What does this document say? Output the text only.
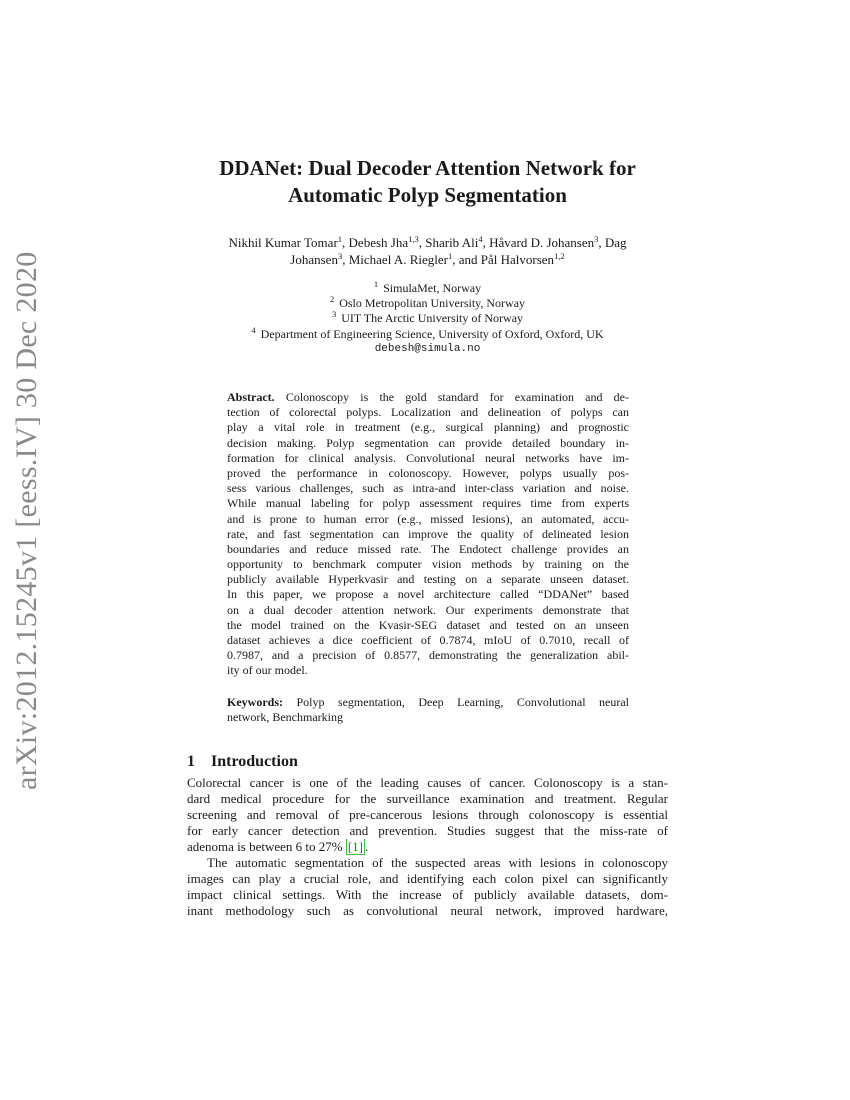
arXiv:2012.15245v1 [eess.IV] 30 Dec 2020
DDANet: Dual Decoder Attention Network for
Automatic Polyp Segmentation
Nikhil Kumar Tomar$^1$, Debesh Jha$^{1,3}$, Sharib Ali$^4$, Håvard D. Johansen$^3$, Dag
Johansen$^3$, Michael A. Riegler$^1$, and Pål Halvorsen$^{1,2}$
$^1$ SimulaMet, Norway
$^2$ Oslo Metropolitan University, Norway
$^3$ UIT The Arctic University of Norway
$^4$ Department of Engineering Science, University of Oxford, Oxford, UK
debesh@simula.no
Abstract. Colonoscopy is the gold standard for examination and de-
tection of colorectal polyps. Localization and delineation of polyps can
play a vital role in treatment (e.g., surgical planning) and prognostic
decision making. Polyp segmentation can provide detailed boundary in-
formation for clinical analysis. Convolutional neural networks have im-
proved the performance in colonoscopy. However, polyps usually pos-
sess various challenges, such as intra-and inter-class variation and noise.
While manual labeling for polyp assessment requires time from experts
and is prone to human error (e.g., missed lesions), an automated, accu-
rate, and fast segmentation can improve the quality of delineated lesion
boundaries and reduce missed rate. The Endotect challenge provides an
opportunity to benchmark computer vision methods by training on the
publicly available Hyperkvasir and testing on a separate unseen dataset.
In this paper, we propose a novel architecture called “DDANet” based
on a dual decoder attention network. Our experiments demonstrate that
the model trained on the Kvasir-SEG dataset and tested on an unseen
dataset achieves a dice coefficient of 0.7874, mIoU of 0.7010, recall of
0.7987, and a precision of 0.8577, demonstrating the generalization abil-
ity of our model.
Keywords: Polyp segmentation, Deep Learning, Convolutional neural
network, Benchmarking
1 Introduction
Colorectal cancer is one of the leading causes of cancer. Colonoscopy is a stan-
dard medical procedure for the surveillance examination and treatment. Regular
screening and removal of pre-cancerous lesions through colonoscopy is essential
for early cancer detection and prevention. Studies suggest that the miss-rate of
adenoma is between 6 to 27% [1] .
The automatic segmentation of the suspected areas with lesions in colonoscopy
images can play a crucial role, and identifying each colon pixel can significantly
impact clinical settings. With the increase of publicly available datasets, dom-
inant methodology such as convolutional neural network, improved hardware,
